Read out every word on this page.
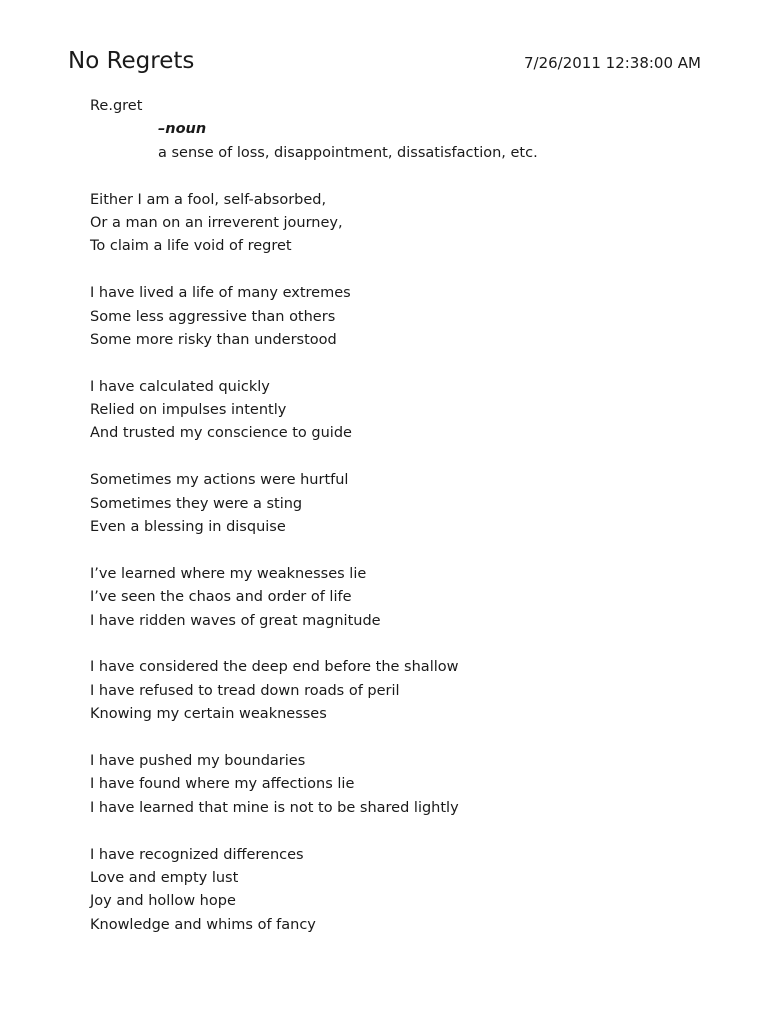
No Regrets	7/26/2011 12:38:00 AM
Re.gret
–noun
a sense of loss, disappointment, dissatisfaction, etc.
Either I am a fool, self-absorbed,
Or a man on an irreverent journey,
To claim a life void of regret
I have lived a life of many extremes
Some less aggressive than others
Some more risky than understood
I have calculated quickly
Relied on impulses intently
And trusted my conscience to guide
Sometimes my actions were hurtful
Sometimes they were a sting
Even a blessing in disquise
I’ve learned where my weaknesses lie
I’ve seen the chaos and order of life
I have ridden waves of great magnitude
I have considered the deep end before the shallow
I have refused to tread down roads of peril
Knowing my certain weaknesses
I have pushed my boundaries
I have found where my affections lie
I have learned that mine is not to be shared lightly
I have recognized differences
Love and empty lust
Joy and hollow hope
Knowledge and whims of fancy
